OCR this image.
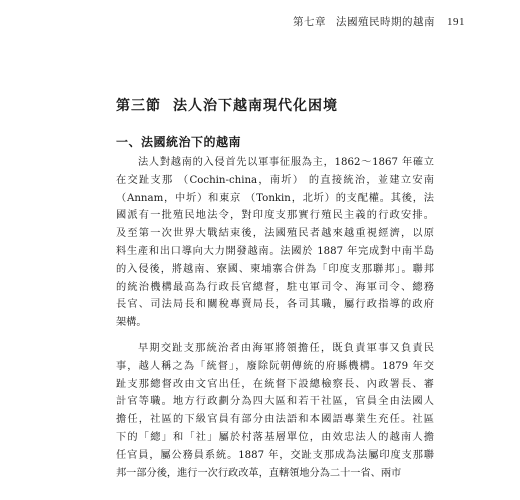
第七章 法國殖民時期的越南 191
第三節 法人治下越南現代化困境
一、法國統治下的越南
法人對越南的入侵首先以軍事征服為主，1862～1867 年確立
在交趾支那 （Cochin-china，南圻） 的直接統治，並建立安南
（Annam，中圻）和東京 （Tonkin，北圻）的支配權。其後，法
國派有一批殖民地法令，對印度支那實行殖民主義的行政安排。
及至第一次世界大戰結束後，法國殖民者越來越重視經濟，以原
料生產和出口導向大力開發越南。法國於 1887 年完成對中南半島
的入侵後，將越南、寮國、柬埔寨合併為「印度支那聯邦」。聯邦
的統治機構最高為行政長官總督，駐屯軍司令、海軍司令、總務
長官、司法局長和關稅專賣局長，各司其職，屬行政指導的政府
架構。
早期交趾支那統治者由海軍將領擔任，既負責軍事又負責民
事，越人稱之為「統督」，廢除阮朝傳統的府縣機構。1879 年交
趾支那總督改由文官出任，在統督下設總檢察長、內政署長、審
計官等職。地方行政劃分為四大區和若干社區，官員全由法國人
擔任，社區的下級官員有部分由法語和本國語專業生充任。社區
下的「總」和「社」屬於村落基層單位，由效忠法人的越南人擔
任官員，屬公務員系統。1887 年，交趾支那成為法屬印度支那聯
邦一部分後，進行一次行政改革，直轄領地分為二十一省、兩市
